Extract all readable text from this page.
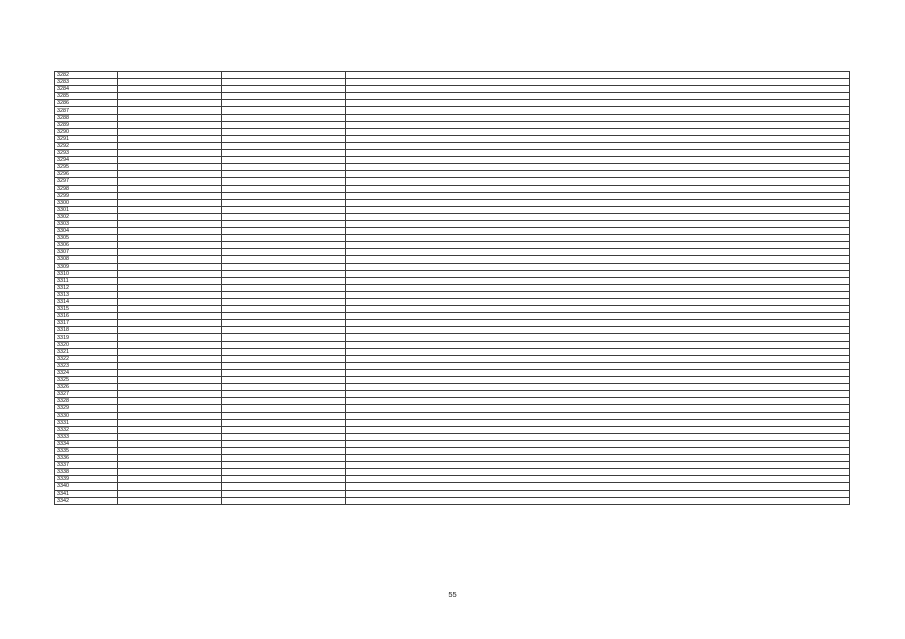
3282			
3283			
3284			
3285			
3286			
3287			
3288			
3289			
3290			
3291			
3292			
3293			
3294			
3295			
3296			
3297			
3298			
3299			
3300			
3301			
3302			
3303			
3304			
3305			
3306			
3307			
3308			
3309			
3310			
3311			
3312			
3313			
3314			
3315			
3316			
3317			
3318			
3319			
3320			
3321			
3322			
3323			
3324			
3325			
3326			
3327			
3328			
3329			
3330			
3331			
3332			
3333			
3334			
3335			
3336			
3337			
3338			
3339			
3340			
3341			
3342			
55
